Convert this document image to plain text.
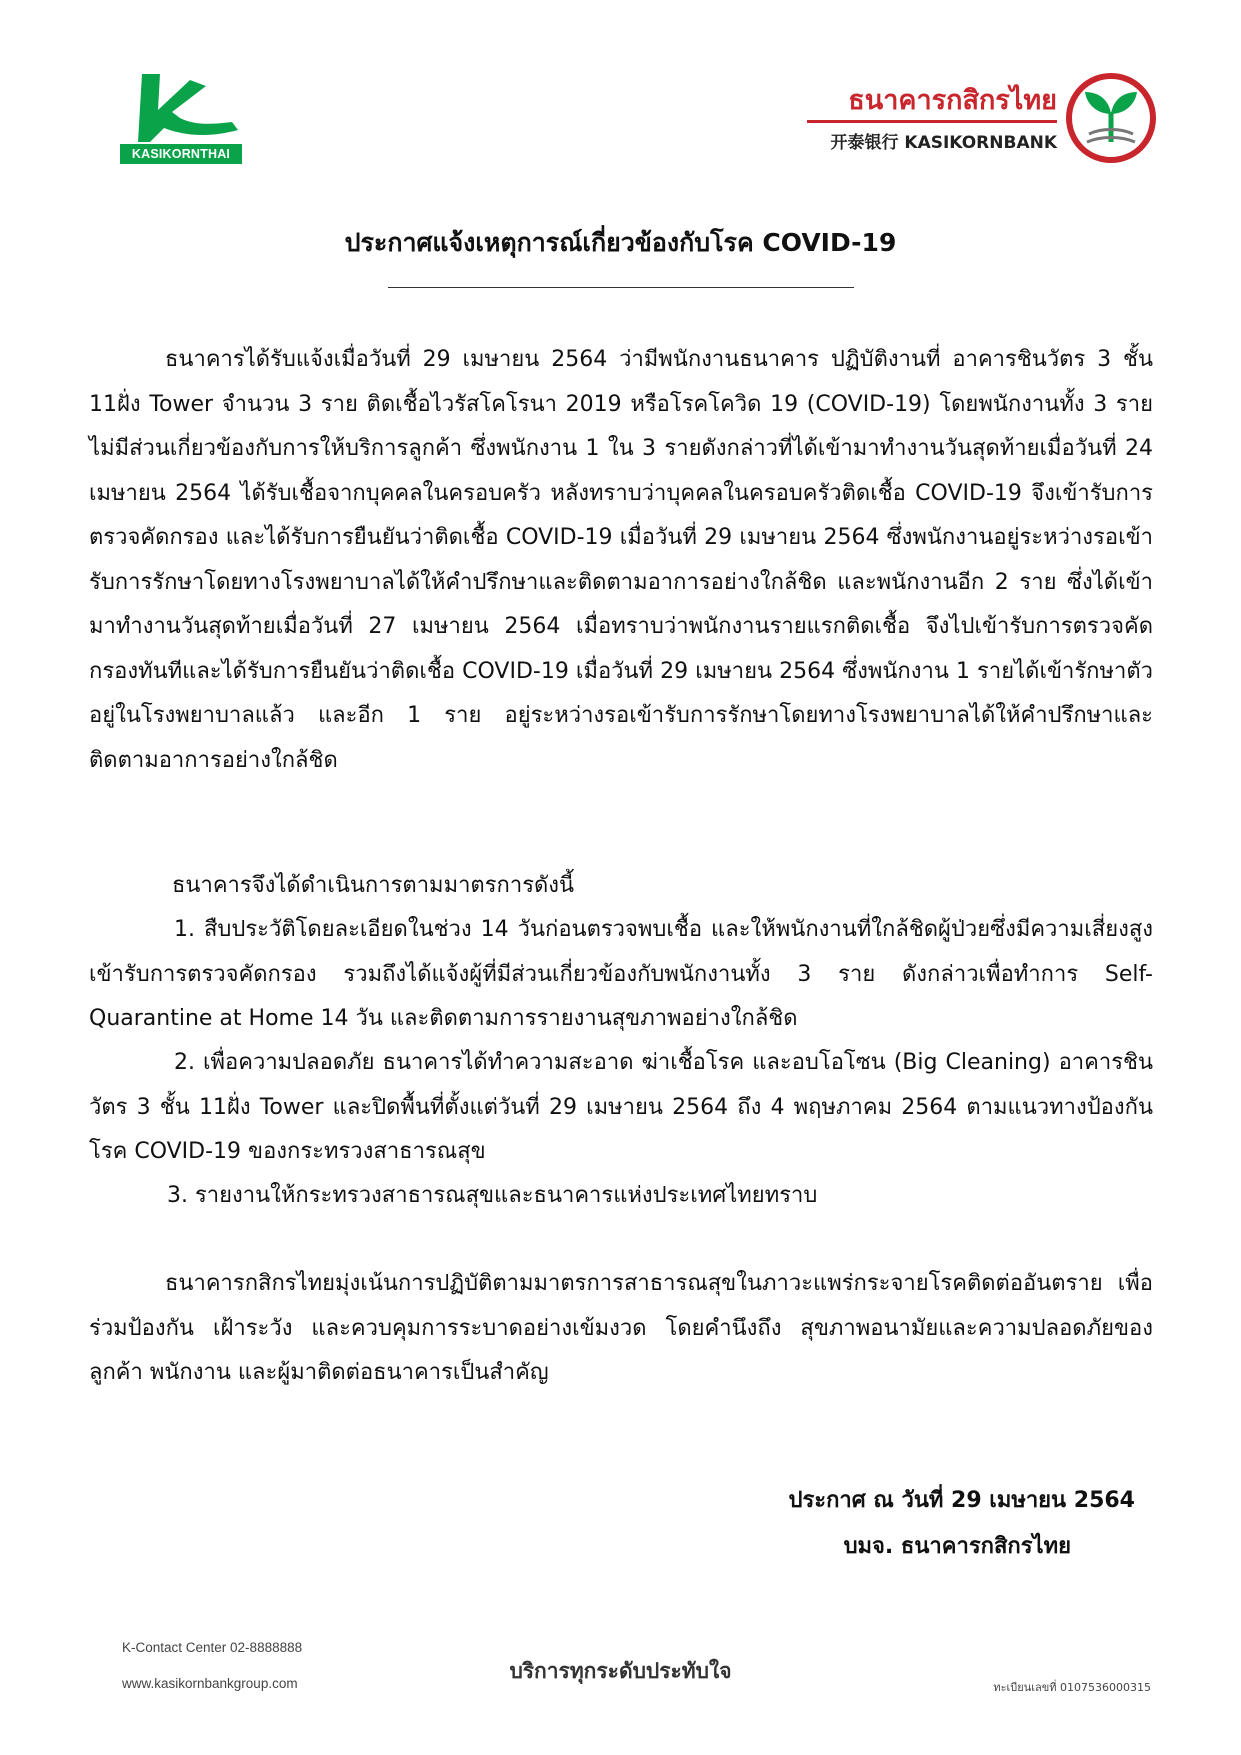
KASIKORNTHAI
ธนาคารกสิกรไทย
开泰银行 KASIKORNBANK
ประกาศแจ้งเหตุการณ์เกี่ยวข้องกับโรค COVID-19

ธนาคารได้รับแจ้งเมื่อวันที่ 29 เมษายน 2564 ว่ามีพนักงานธนาคาร ปฏิบัติงานที่ อาคารชินวัตร 3 ชั้น 11ฝั่ง Tower จำนวน 3 ราย ติดเชื้อไวรัสโคโรนา 2019 หรือโรคโควิด 19 (COVID-19) โดยพนักงานทั้ง 3 รายไม่มีส่วนเกี่ยวข้องกับการให้บริการลูกค้า ซึ่งพนักงาน 1 ใน 3 รายดังกล่าวที่ได้เข้ามาทำงานวันสุดท้ายเมื่อวันที่ 24 เมษายน 2564 ได้รับเชื้อจากบุคคลในครอบครัว หลังทราบว่าบุคคลในครอบครัวติดเชื้อ COVID-19 จึงเข้ารับการตรวจคัดกรอง และได้รับการยืนยันว่าติดเชื้อ COVID-19 เมื่อวันที่ 29 เมษายน 2564 ซึ่งพนักงานอยู่ระหว่างรอเข้ารับการรักษาโดยทางโรงพยาบาลได้ให้คำปรึกษาและติดตามอาการอย่างใกล้ชิด และพนักงานอีก 2 ราย ซึ่งได้เข้ามาทำงานวันสุดท้ายเมื่อวันที่ 27 เมษายน 2564 เมื่อทราบว่าพนักงานรายแรกติดเชื้อ จึงไปเข้ารับการตรวจคัดกรองทันทีและได้รับการยืนยันว่าติดเชื้อ COVID-19 เมื่อวันที่ 29 เมษายน 2564 ซึ่งพนักงาน 1 รายได้เข้ารักษาตัวอยู่ในโรงพยาบาลแล้ว และอีก 1 ราย อยู่ระหว่างรอเข้ารับการรักษาโดยทางโรงพยาบาลได้ให้คำปรึกษาและติดตามอาการอย่างใกล้ชิด

ธนาคารจึงได้ดำเนินการตามมาตรการดังนี้

1. สืบประวัติโดยละเอียดในช่วง 14 วันก่อนตรวจพบเชื้อ และให้พนักงานที่ใกล้ชิดผู้ป่วยซึ่งมีความเสี่ยงสูงเข้ารับการตรวจคัดกรอง รวมถึงได้แจ้งผู้ที่มีส่วนเกี่ยวข้องกับพนักงานทั้ง 3 ราย ดังกล่าวเพื่อทำการ Self-Quarantine at Home 14 วัน และติดตามการรายงานสุขภาพอย่างใกล้ชิด

2. เพื่อความปลอดภัย ธนาคารได้ทำความสะอาด ฆ่าเชื้อโรค และอบโอโซน (Big Cleaning) อาคารชินวัตร 3 ชั้น 11ฝั่ง Tower และปิดพื้นที่ตั้งแต่วันที่ 29 เมษายน 2564 ถึง 4 พฤษภาคม 2564 ตามแนวทางป้องกันโรค COVID-19 ของกระทรวงสาธารณสุข

3. รายงานให้กระทรวงสาธารณสุขและธนาคารแห่งประเทศไทยทราบ

ธนาคารกสิกรไทยมุ่งเน้นการปฏิบัติตามมาตรการสาธารณสุขในภาวะแพร่กระจายโรคติดต่ออันตราย เพื่อร่วมป้องกัน เฝ้าระวัง และควบคุมการระบาดอย่างเข้มงวด โดยคำนึงถึง สุขภาพอนามัยและความปลอดภัยของลูกค้า พนักงาน และผู้มาติดต่อธนาคารเป็นสำคัญ

ประกาศ ณ วันที่ 29 เมษายน 2564
บมจ. ธนาคารกสิกรไทย
K-Contact Center 02-8888888
www.kasikornbankgroup.com
บริการทุกระดับประทับใจ
ทะเบียนเลขที่ 0107536000315
